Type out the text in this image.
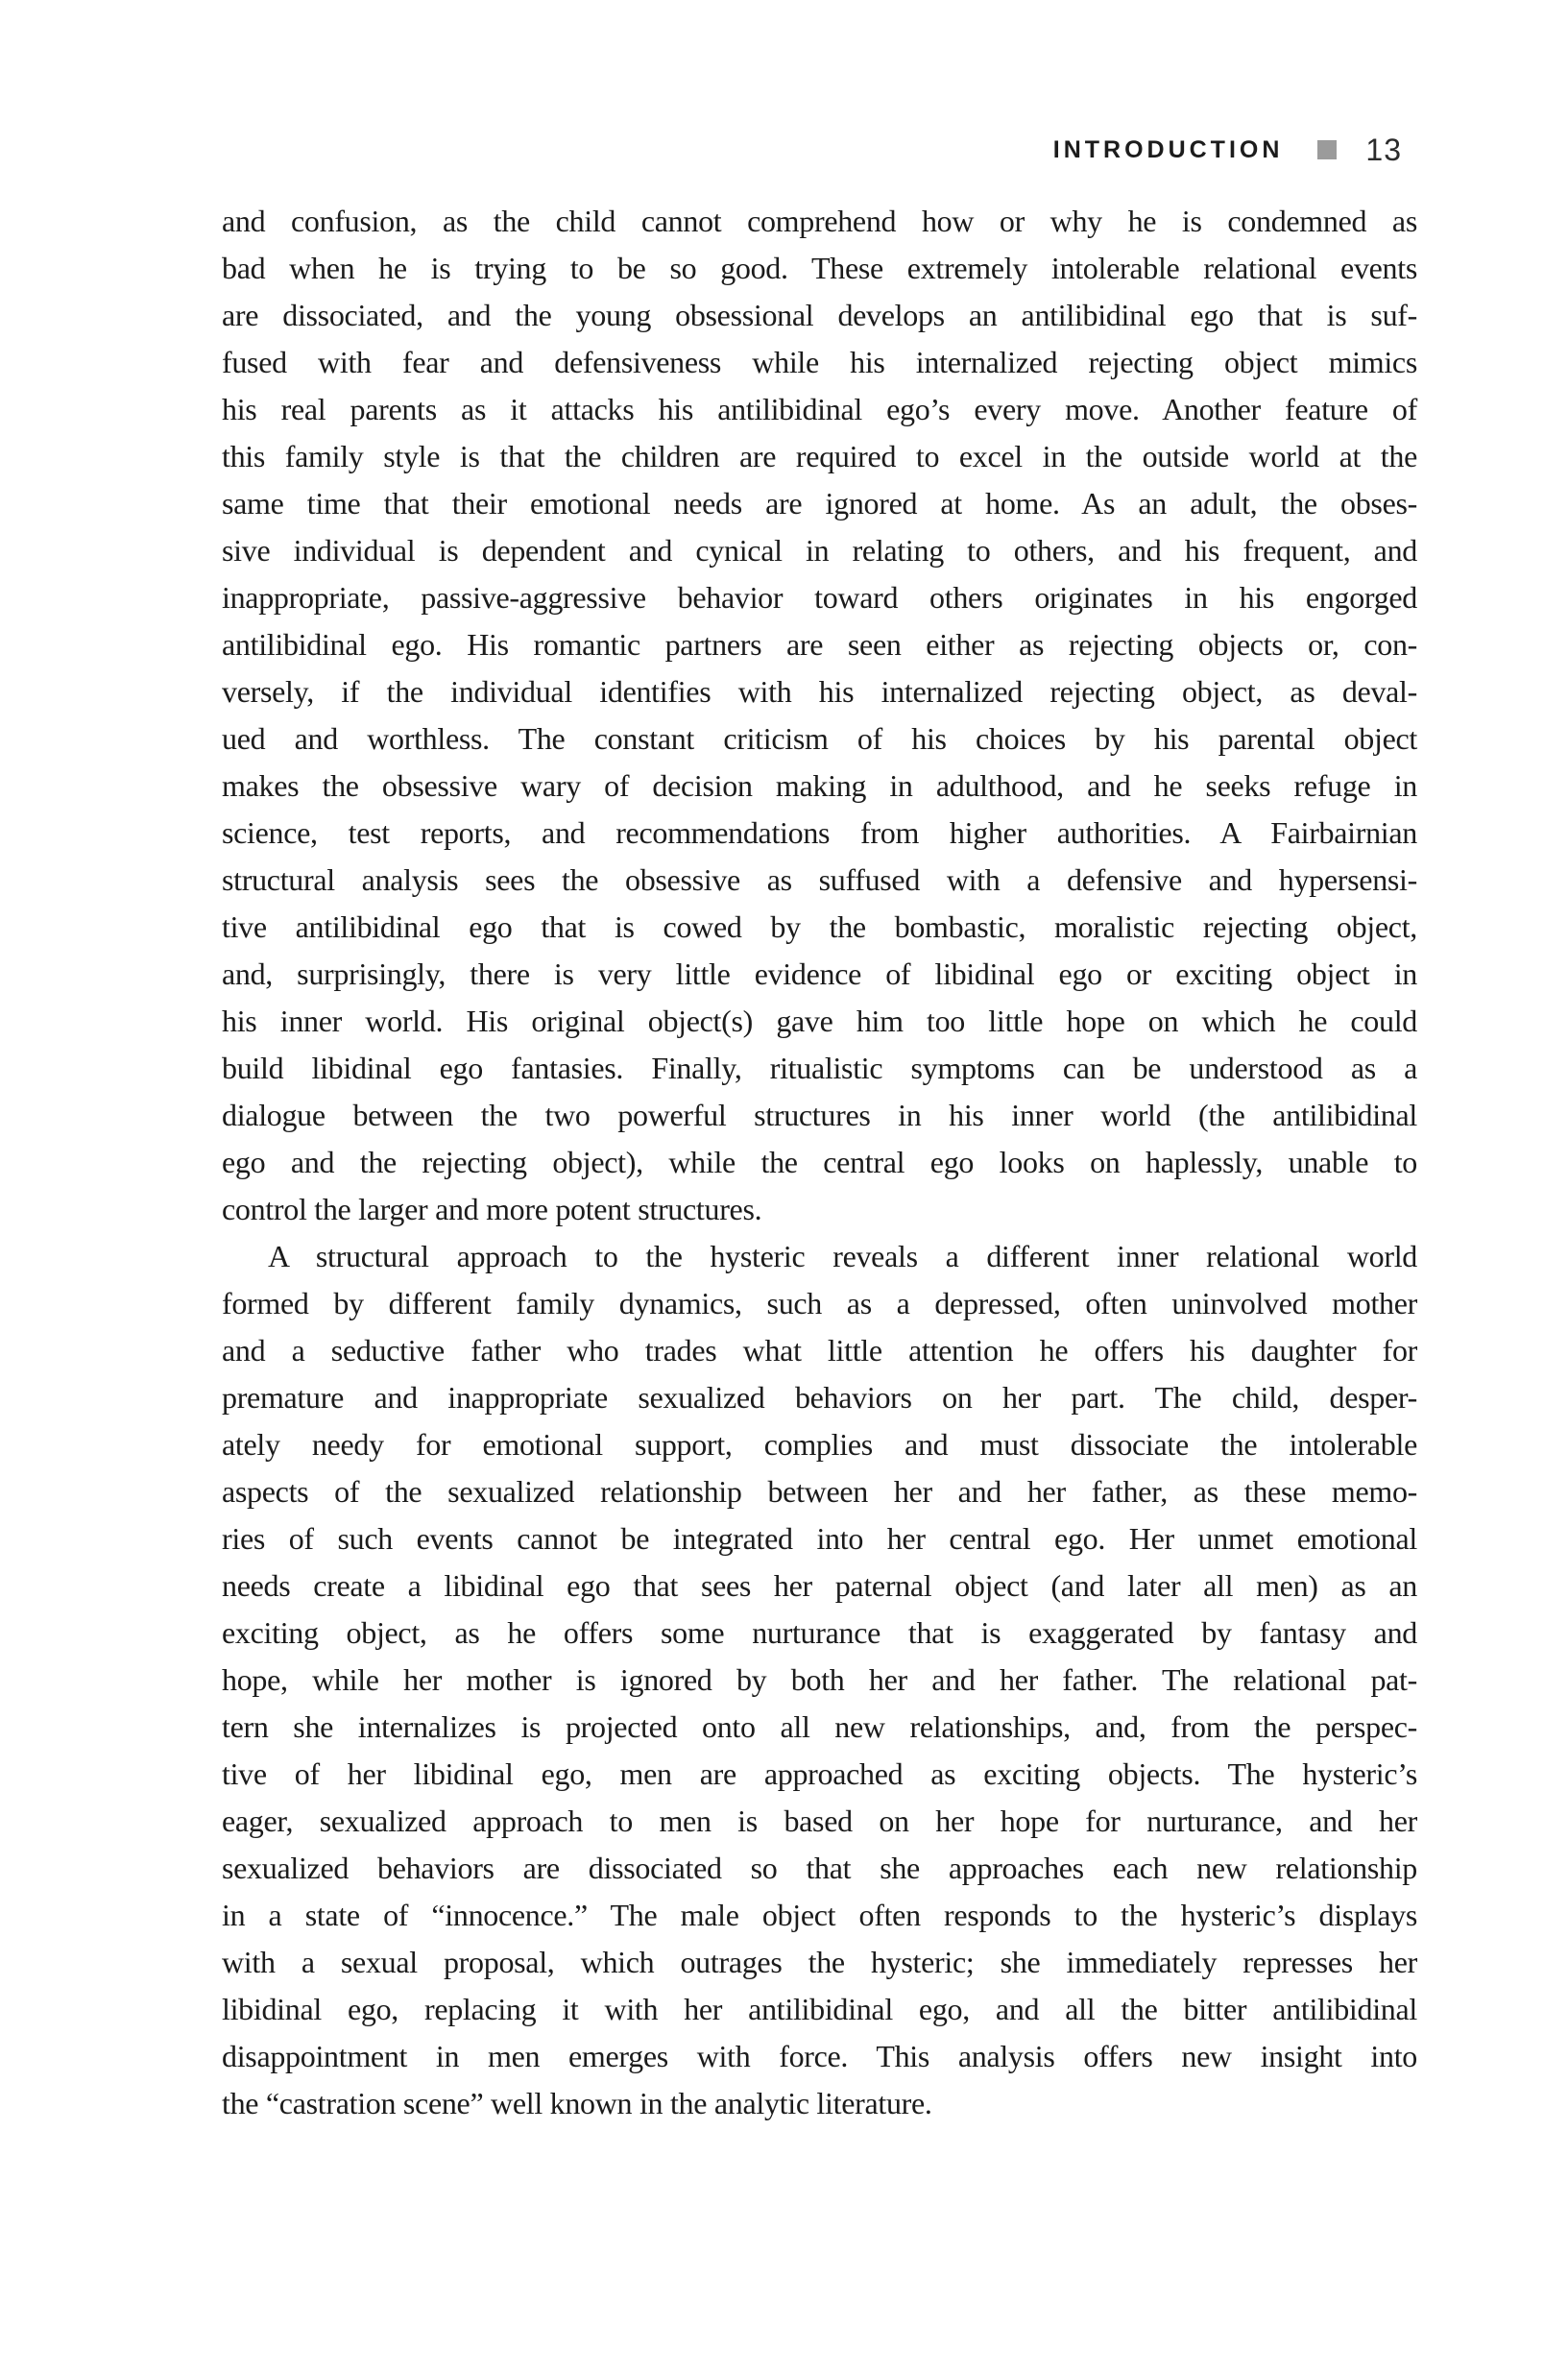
INTRODUCTION	13
and confusion, as the child cannot comprehend how or why he is condemned as
bad when he is trying to be so good. These extremely intolerable relational events
are dissociated, and the young obsessional develops an antilibidinal ego that is suf-
fused with fear and defensiveness while his internalized rejecting object mimics
his real parents as it attacks his antilibidinal ego’s every move. Another feature of
this family style is that the children are required to excel in the outside world at the
same time that their emotional needs are ignored at home. As an adult, the obses-
sive individual is dependent and cynical in relating to others, and his frequent, and
inappropriate, passive-aggressive behavior toward others originates in his engorged
antilibidinal ego. His romantic partners are seen either as rejecting objects or, con-
versely, if the individual identifies with his internalized rejecting object, as deval-
ued and worthless. The constant criticism of his choices by his parental object
makes the obsessive wary of decision making in adulthood, and he seeks refuge in
science, test reports, and recommendations from higher authorities. A Fairbairnian
structural analysis sees the obsessive as suffused with a defensive and hypersensi-
tive antilibidinal ego that is cowed by the bombastic, moralistic rejecting object,
and, surprisingly, there is very little evidence of libidinal ego or exciting object in
his inner world. His original object(s) gave him too little hope on which he could
build libidinal ego fantasies. Finally, ritualistic symptoms can be understood as a
dialogue between the two powerful structures in his inner world (the antilibidinal
ego and the rejecting object), while the central ego looks on haplessly, unable to
control the larger and more potent structures.
A structural approach to the hysteric reveals a different inner relational world
formed by different family dynamics, such as a depressed, often uninvolved mother
and a seductive father who trades what little attention he offers his daughter for
premature and inappropriate sexualized behaviors on her part. The child, desper-
ately needy for emotional support, complies and must dissociate the intolerable
aspects of the sexualized relationship between her and her father, as these memo-
ries of such events cannot be integrated into her central ego. Her unmet emotional
needs create a libidinal ego that sees her paternal object (and later all men) as an
exciting object, as he offers some nurturance that is exaggerated by fantasy and
hope, while her mother is ignored by both her and her father. The relational pat-
tern she internalizes is projected onto all new relationships, and, from the perspec-
tive of her libidinal ego, men are approached as exciting objects. The hysteric’s
eager, sexualized approach to men is based on her hope for nurturance, and her
sexualized behaviors are dissociated so that she approaches each new relationship
in a state of “innocence.” The male object often responds to the hysteric’s displays
with a sexual proposal, which outrages the hysteric; she immediately represses her
libidinal ego, replacing it with her antilibidinal ego, and all the bitter antilibidinal
disappointment in men emerges with force. This analysis offers new insight into
the “castration scene” well known in the analytic literature.
